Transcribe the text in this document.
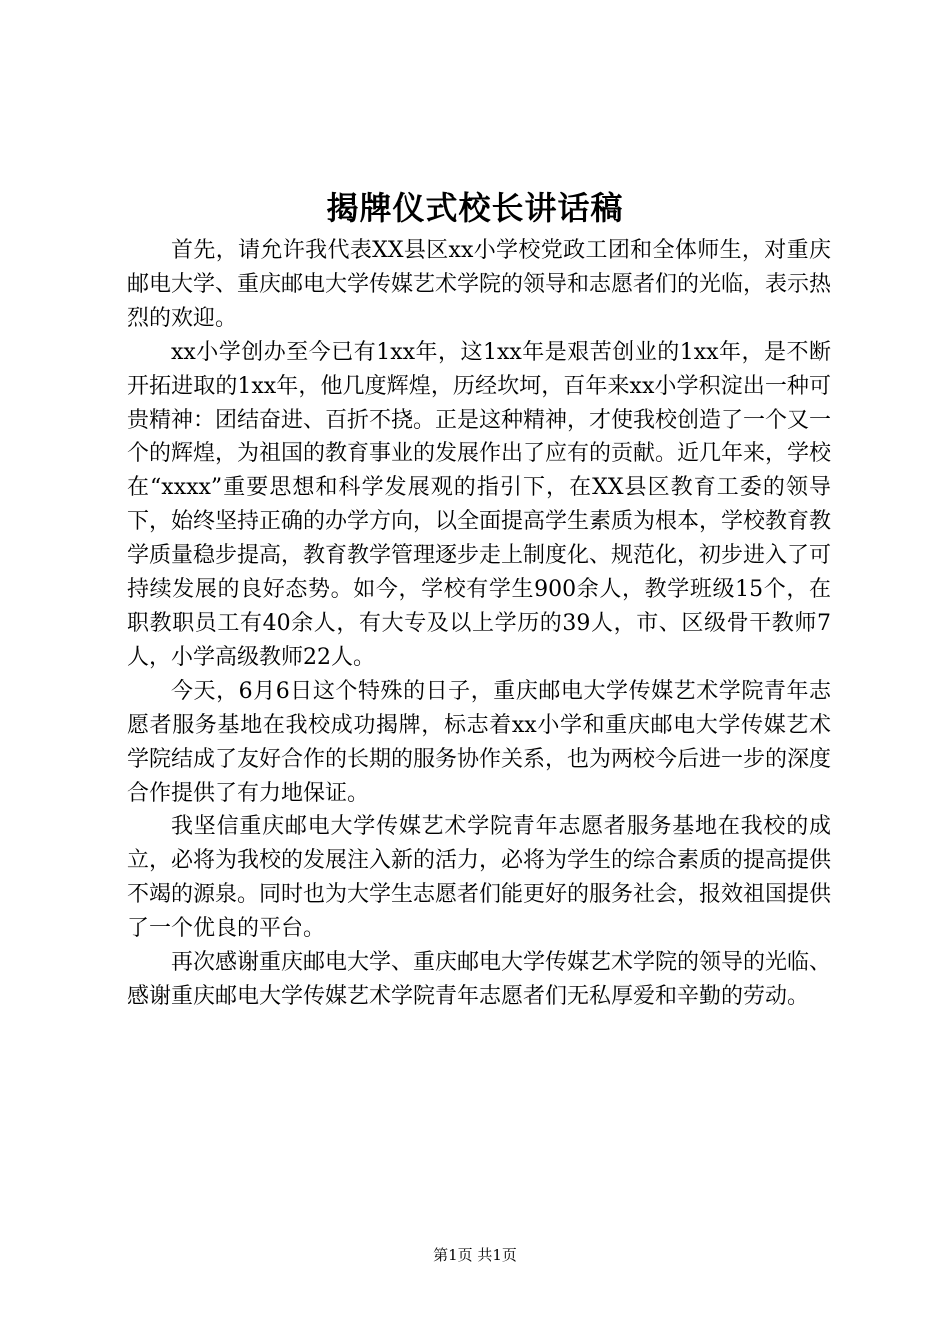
揭牌仪式校长讲话稿

首先，请允许我代表XX县区xx小学校党政工团和全体师生，对重庆邮电大学、重庆邮电大学传媒艺术学院的领导和志愿者们的光临，表示热烈的欢迎。

xx小学创办至今已有1xx年，这1xx年是艰苦创业的1xx年，是不断开拓进取的1xx年，他几度辉煌，历经坎坷，百年来xx小学积淀出一种可贵精神：团结奋进、百折不挠。正是这种精神，才使我校创造了一个又一个的辉煌，为祖国的教育事业的发展作出了应有的贡献。近几年来，学校在“xxxx”重要思想和科学发展观的指引下，在XX县区教育工委的领导下，始终坚持正确的办学方向，以全面提高学生素质为根本，学校教育教学质量稳步提高，教育教学管理逐步走上制度化、规范化，初步进入了可持续发展的良好态势。如今，学校有学生900余人，教学班级15个，在职教职员工有40余人，有大专及以上学历的39人，市、区级骨干教师7人，小学高级教师22人。

今天，6月6日这个特殊的日子，重庆邮电大学传媒艺术学院青年志愿者服务基地在我校成功揭牌，标志着xx小学和重庆邮电大学传媒艺术学院结成了友好合作的长期的服务协作关系，也为两校今后进一步的深度合作提供了有力地保证。

我坚信重庆邮电大学传媒艺术学院青年志愿者服务基地在我校的成立，必将为我校的发展注入新的活力，必将为学生的综合素质的提高提供不竭的源泉。同时也为大学生志愿者们能更好的服务社会，报效祖国提供了一个优良的平台。

再次感谢重庆邮电大学、重庆邮电大学传媒艺术学院的领导的光临、感谢重庆邮电大学传媒艺术学院青年志愿者们无私厚爱和辛勤的劳动。

第1页 共1页
